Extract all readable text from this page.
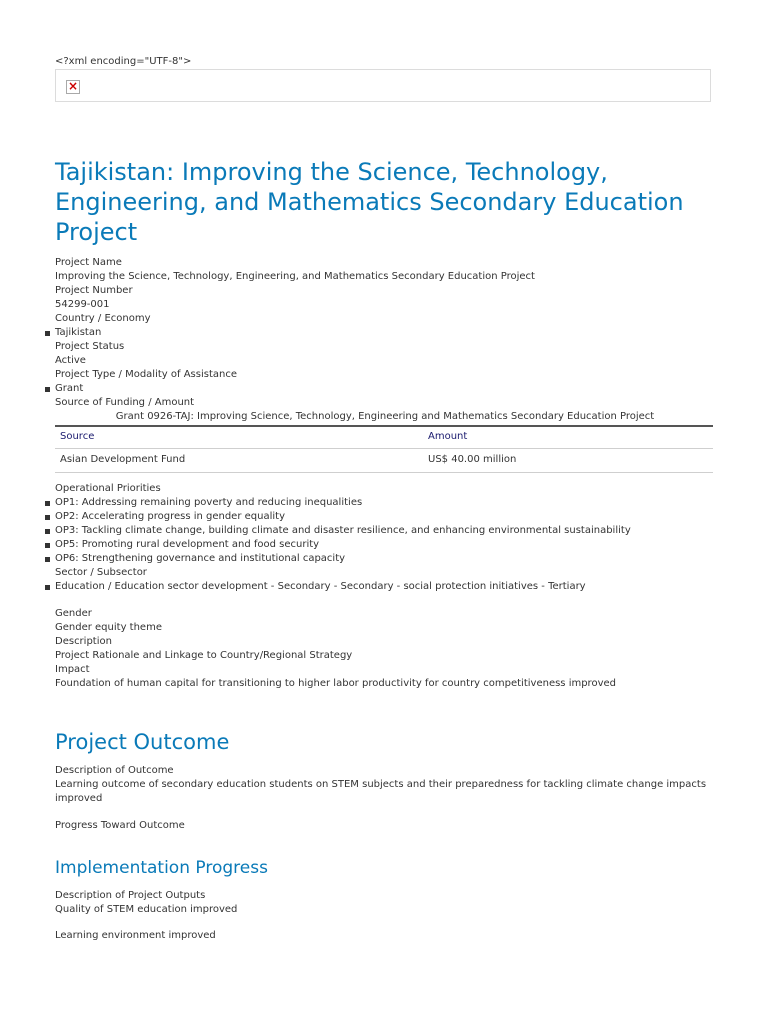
<?xml encoding="UTF-8">
×
Tajikistan: Improving the Science, Technology, Engineering, and Mathematics Secondary Education Project
Project Name
Improving the Science, Technology, Engineering, and Mathematics Secondary Education Project
Project Number
54299-001
Country / Economy
Tajikistan
Project Status
Active
Project Type / Modality of Assistance
Grant
Source of Funding / Amount
Grant 0926-TAJ: Improving Science, Technology, Engineering and Mathematics Secondary Education Project
Source	Amount
Asian Development Fund	US$ 40.00 million
Operational Priorities
OP1: Addressing remaining poverty and reducing inequalities
OP2: Accelerating progress in gender equality
OP3: Tackling climate change, building climate and disaster resilience, and enhancing environmental sustainability
OP5: Promoting rural development and food security
OP6: Strengthening governance and institutional capacity
Sector / Subsector
Education / Education sector development - Secondary - Secondary - social protection initiatives - Tertiary
Gender
Gender equity theme
Description
Project Rationale and Linkage to Country/Regional Strategy
Impact
Foundation of human capital for transitioning to higher labor productivity for country competitiveness improved
Project Outcome
Description of Outcome
Learning outcome of secondary education students on STEM subjects and their preparedness for tackling climate change impacts
improved
Progress Toward Outcome
Implementation Progress
Description of Project Outputs
Quality of STEM education improved
Learning environment improved
